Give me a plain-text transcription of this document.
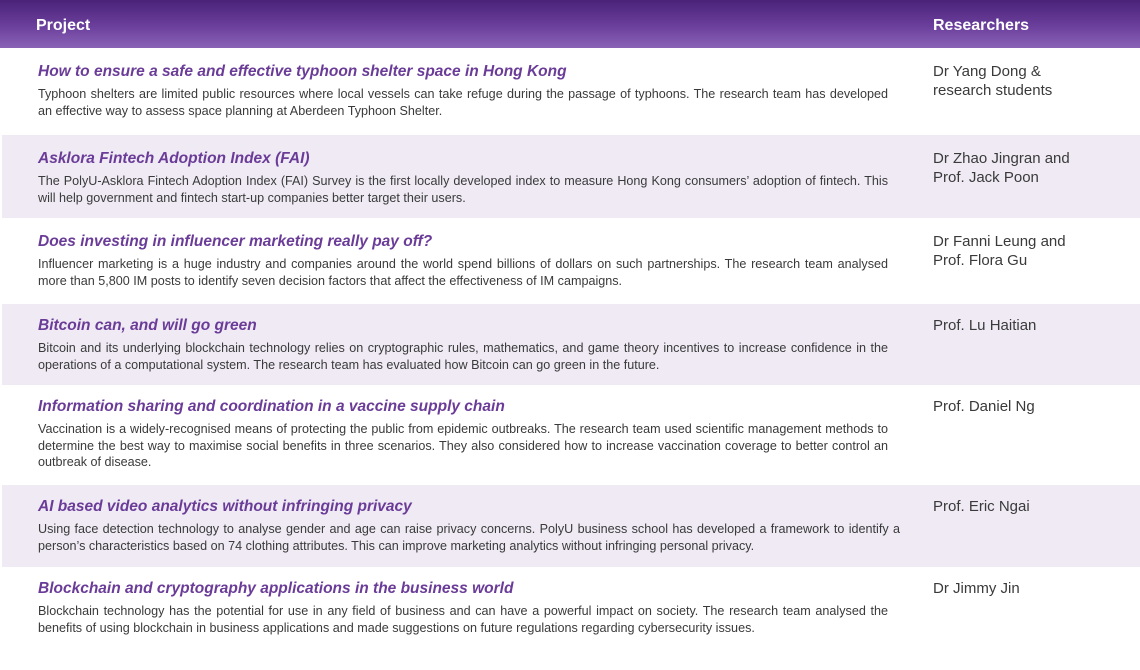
Project	Researchers
How to ensure a safe and effective typhoon shelter space in Hong Kong
Typhoon shelters are limited public resources where local vessels can take refuge during the passage of typhoons. The research team has developed an effective way to assess space planning at Aberdeen Typhoon Shelter.
Dr Yang Dong &
research students
Asklora Fintech Adoption Index (FAI)
The PolyU-Asklora Fintech Adoption Index (FAI) Survey is the first locally developed index to measure Hong Kong consumers’ adoption of fintech. This will help government and fintech start-up companies better target their users.
Dr Zhao Jingran and
Prof. Jack Poon
Does investing in influencer marketing really pay off?
Influencer marketing is a huge industry and companies around the world spend billions of dollars on such partnerships. The research team analysed more than 5,800 IM posts to identify seven decision factors that affect the effectiveness of IM campaigns.
Dr Fanni Leung and
Prof. Flora Gu
Bitcoin can, and will go green
Bitcoin and its underlying blockchain technology relies on cryptographic rules, mathematics, and game theory incentives to increase confidence in the operations of a computational system. The research team has evaluated how Bitcoin can go green in the future.
Prof. Lu Haitian
Information sharing and coordination in a vaccine supply chain
Vaccination is a widely-recognised means of protecting the public from epidemic outbreaks. The research team used scientific management methods to determine the best way to maximise social benefits in three scenarios. They also considered how to increase vaccination coverage to better control an outbreak of disease.
Prof. Daniel Ng
AI based video analytics without infringing privacy
Using face detection technology to analyse gender and age can raise privacy concerns. PolyU business school has developed a framework to identify a person’s characteristics based on 74 clothing attributes. This can improve marketing analytics without infringing personal privacy.
Prof. Eric Ngai
Blockchain and cryptography applications in the business world
Blockchain technology has the potential for use in any field of business and can have a powerful impact on society. The research team analysed the benefits of using blockchain in business applications and made suggestions on future regulations regarding cybersecurity issues.
Dr Jimmy Jin
